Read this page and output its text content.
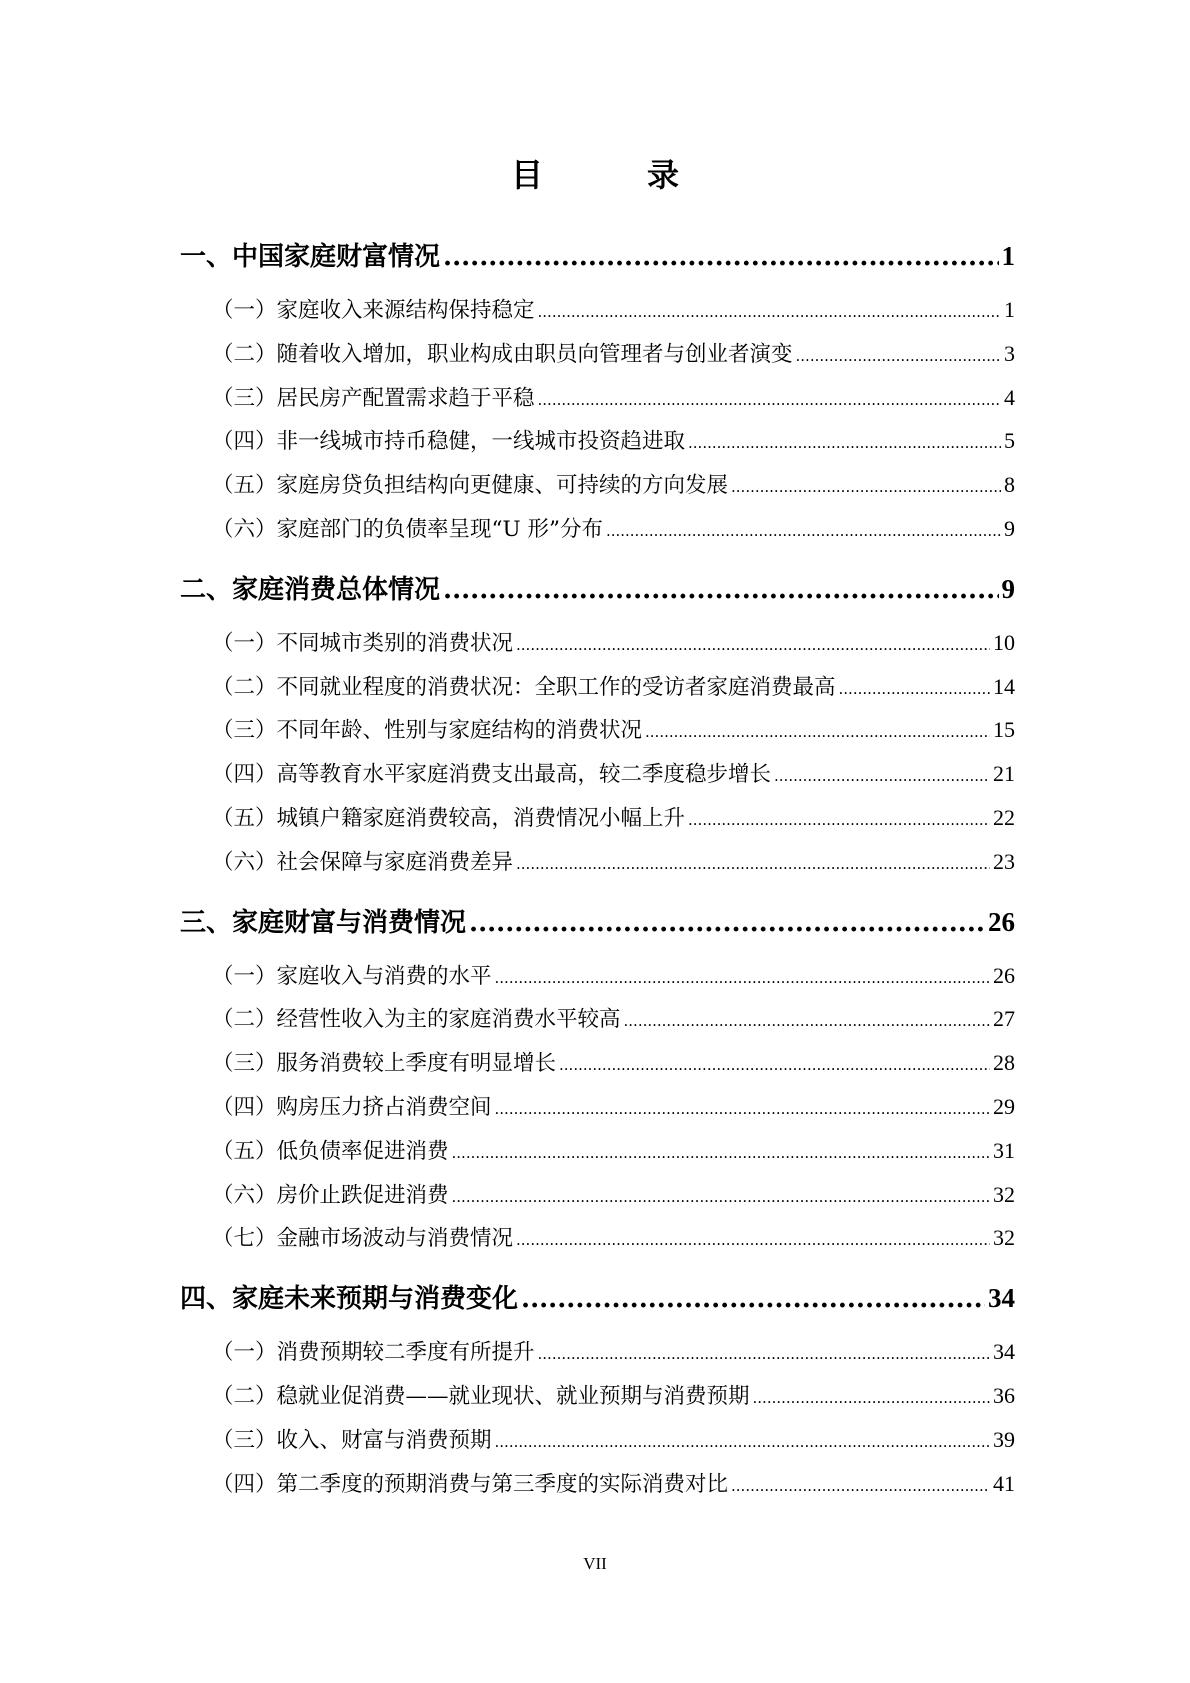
目　录
一、中国家庭财富情况 .....	1
（一）家庭收入来源结构保持稳定 .....	1
（二）随着收入增加，职业构成由职员向管理者与创业者演变 .....	3
（三）居民房产配置需求趋于平稳 .....	4
（四）非一线城市持币稳健，一线城市投资趋进取 .....	5
（五）家庭房贷负担结构向更健康、可持续的方向发展 .....	8
（六）家庭部门的负债率呈现“U 形”分布 .....	9
二、家庭消费总体情况 .....	9
（一）不同城市类别的消费状况 .....	10
（二）不同就业程度的消费状况：全职工作的受访者家庭消费最高 .....	14
（三）不同年龄、性别与家庭结构的消费状况 .....	15
（四）高等教育水平家庭消费支出最高，较二季度稳步增长 .....	21
（五）城镇户籍家庭消费较高，消费情况小幅上升 .....	22
（六）社会保障与家庭消费差异 .....	23
三、家庭财富与消费情况 .....	26
（一）家庭收入与消费的水平 .....	26
（二）经营性收入为主的家庭消费水平较高 .....	27
（三）服务消费较上季度有明显增长 .....	28
（四）购房压力挤占消费空间 .....	29
（五）低负债率促进消费 .....	31
（六）房价止跌促进消费 .....	32
（七）金融市场波动与消费情况 .....	32
四、家庭未来预期与消费变化 .....	34
（一）消费预期较二季度有所提升 .....	34
（二）稳就业促消费——就业现状、就业预期与消费预期 .....	36
（三）收入、财富与消费预期 .....	39
（四）第二季度的预期消费与第三季度的实际消费对比 .....	41
VII
